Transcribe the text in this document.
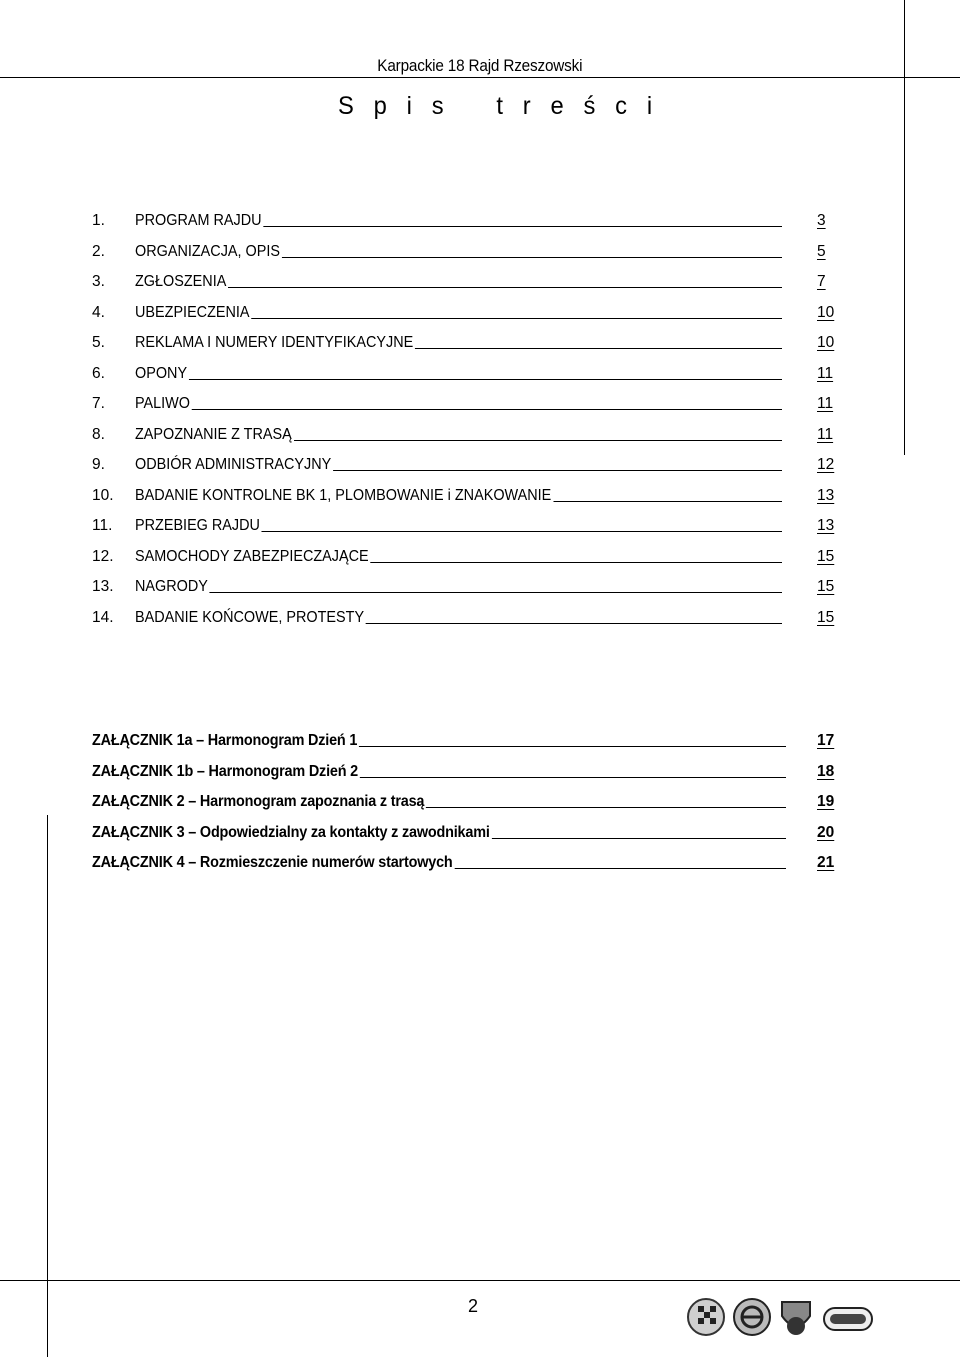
Karpackie 18 Rajd Rzeszowski
S   p   i   s        t   r   e   ś   c   i
1. PROGRAM RAJDU	3
2. ORGANIZACJA, OPIS	5
3. ZGŁOSZENIA	7
4. UBEZPIECZENIA	10
5. REKLAMA I NUMERY IDENTYFIKACYJNE	10
6. OPONY	11
7. PALIWO	11
8. ZAPOZNANIE Z TRASĄ	11
9. ODBIÓR ADMINISTRACYJNY	12
10. BADANIE KONTROLNE BK 1, PLOMBOWANIE i ZNAKOWANIE	13
11. PRZEBIEG RAJDU	13
12. SAMOCHODY ZABEZPIECZAJĄCE	15
13. NAGRODY	15
14. BADANIE KOŃCOWE, PROTESTY	15
ZAŁĄCZNIK 1a – Harmonogram Dzień 1	17
ZAŁĄCZNIK 1b – Harmonogram Dzień 2	18
ZAŁĄCZNIK 2 – Harmonogram zapoznania z trasą	19
ZAŁĄCZNIK 3 – Odpowiedzialny za kontakty z zawodnikami	20
ZAŁĄCZNIK 4 – Rozmieszczenie numerów startowych	21
2
